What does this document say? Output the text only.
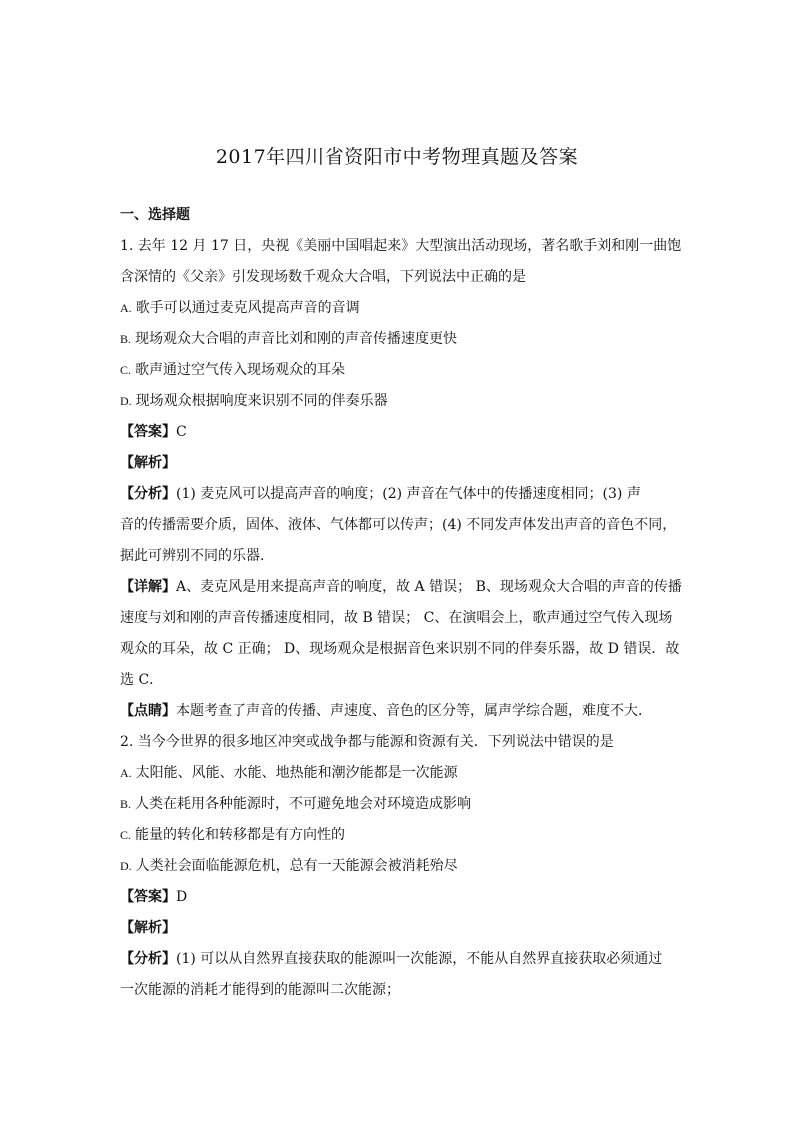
2017年四川省资阳市中考物理真题及答案
一、选择题
1. 去年 12 月 17 日，央视《美丽中国唱起来》大型演出活动现场，著名歌手刘和刚一曲饱
含深情的《父亲》引发现场数千观众大合唱，下列说法中正确的是
A. 歌手可以通过麦克风提高声音的音调
B. 现场观众大合唱的声音比刘和刚的声音传播速度更快
C. 歌声通过空气传入现场观众的耳朵
D. 现场观众根据响度来识别不同的伴奏乐器
【答案】C
【解析】
【分析】(1) 麦克风可以提高声音的响度；(2) 声音在气体中的传播速度相同；(3) 声
音的传播需要介质，固体、液体、气体都可以传声；(4) 不同发声体发出声音的音色不同，
据此可辨别不同的乐器.
【详解】A、麦克风是用来提高声音的响度，故 A 错误； B、现场观众大合唱的声音的传播
速度与刘和刚的声音传播速度相同，故 B 错误； C、在演唱会上，歌声通过空气传入现场
观众的耳朵，故 C 正确； D、现场观众是根据音色来识别不同的伴奏乐器，故 D 错误．故
选 C．
【点睛】本题考查了声音的传播、声速度、音色的区分等，属声学综合题，难度不大．
2. 当今今世界的很多地区冲突或战争都与能源和资源有关．下列说法中错误的是
A. 太阳能、风能、水能、地热能和潮汐能都是一次能源
B. 人类在耗用各种能源时，不可避免地会对环境造成影响
C. 能量的转化和转移都是有方向性的
D. 人类社会面临能源危机，总有一天能源会被消耗殆尽
【答案】D
【解析】
【分析】(1) 可以从自然界直接获取的能源叫一次能源，不能从自然界直接获取必须通过
一次能源的消耗才能得到的能源叫二次能源；
